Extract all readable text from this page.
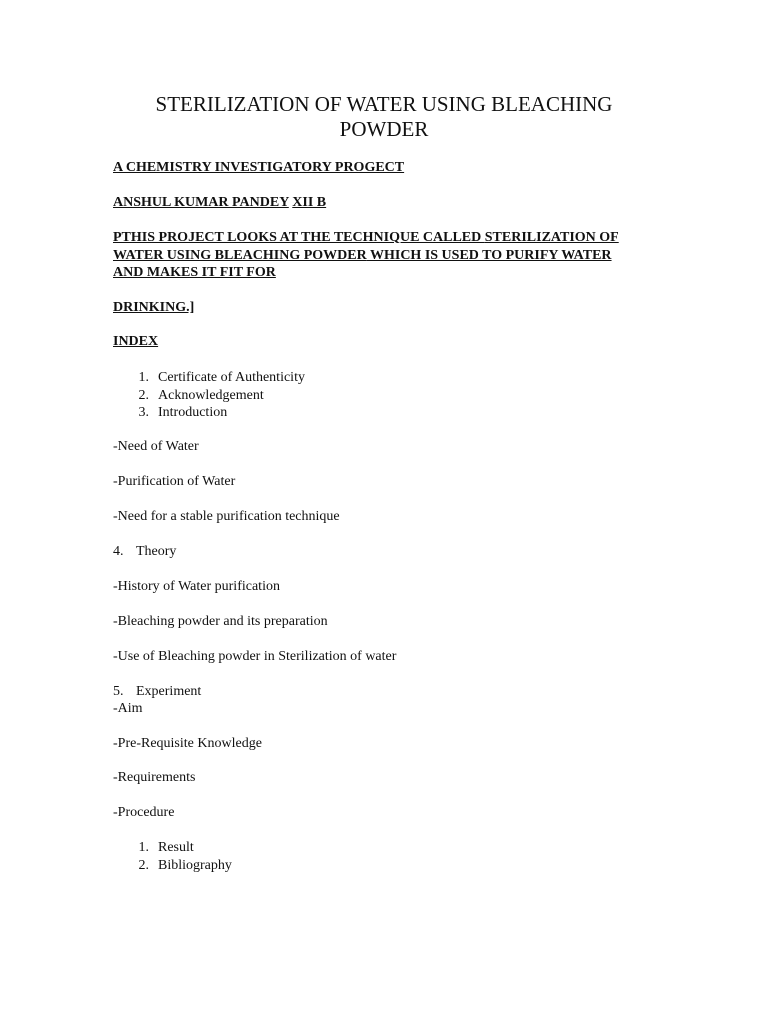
STERILIZATION OF WATER USING BLEACHING
POWDER

A CHEMISTRY INVESTIGATORY PROGECT

ANSHUL KUMAR PANDEY XII B

PTHIS PROJECT LOOKS AT THE TECHNIQUE CALLED STERILIZATION OF WATER USING BLEACHING POWDER WHICH IS USED TO PURIFY WATER AND MAKES IT FIT FOR

DRINKING.]

INDEX

1. Certificate of Authenticity
2. Acknowledgement
3. Introduction

-Need of Water

-Purification of Water

-Need for a stable purification technique

4. Theory

-History of Water purification

-Bleaching powder and its preparation

-Use of Bleaching powder in Sterilization of water

5. Experiment

-Aim

-Pre-Requisite Knowledge

-Requirements

-Procedure

1. Result
2. Bibliography
